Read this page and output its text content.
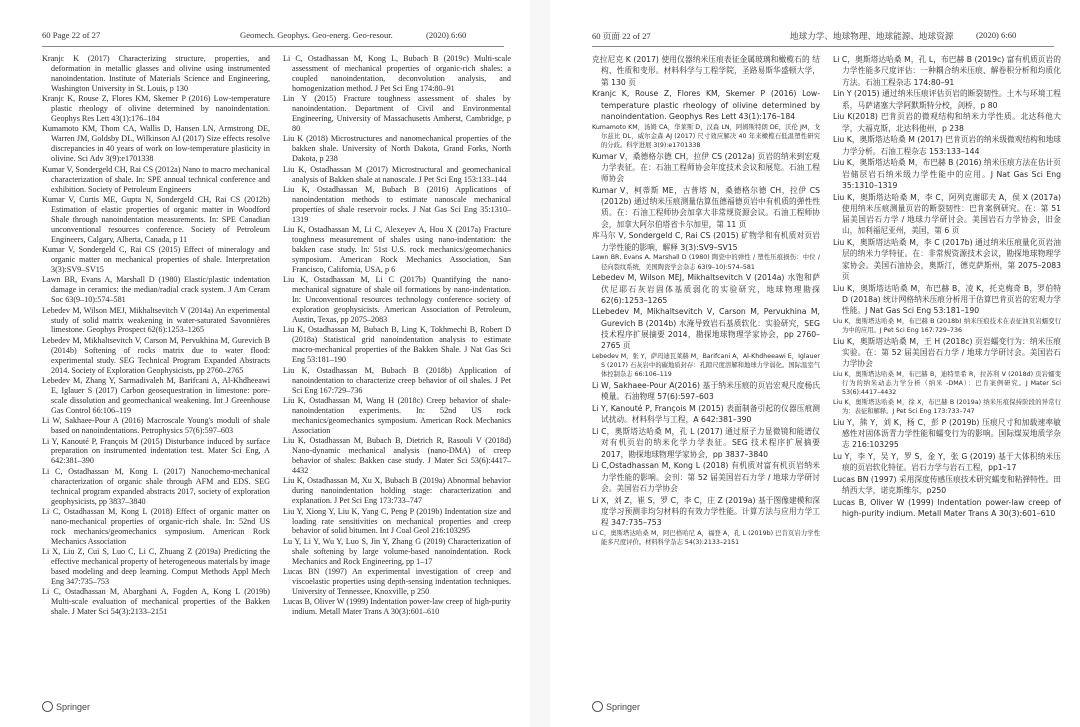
60 Page 22 of 27	Geomech. Geophys. Geo-energ. Geo-resour.	(2020) 6:60

Kranjc K (2017) Characterizing structure, properties, and deformation in metallic glasses and olivine using instrumented nanoindentation. Institute of Materials Science and Engineering, Washington University in St. Louis, p 130

Kranjc K, Rouse Z, Flores KM, Skemer P (2016) Low-temperature plastic rheology of olivine determined by nanoindentation. Geophys Res Lett 43(1):176–184

Kumamoto KM, Thom CA, Wallis D, Hansen LN, Armstrong DE, Warren JM, Goldsby DL, Wilkinson AJ (2017) Size effects resolve discrepancies in 40 years of work on low-temperature plasticity in olivine. Sci Adv 3(9):e1701338

Kumar V, Sondergeld CH, Rai CS (2012a) Nano to macro mechanical characterization of shale. In: SPE annual technical conference and exhibition. Society of Petroleum Engineers

Kumar V, Curtis ME, Gupta N, Sondergeld CH, Rai CS (2012b) Estimation of elastic properties of organic matter in Woodford Shale through nanoindentation measurements. In: SPE Canadian unconventional resources conference. Society of Petroleum Engineers, Calgary, Alberta, Canada, p 11

Kumar V, Sondergeld C, Rai CS (2015) Effect of mineralogy and organic matter on mechanical properties of shale. Interpretation 3(3):SV9–SV15

Lawn BR, Evans A, Marshall D (1980) Elastic/plastic indentation damage in ceramics: the median/radial crack system. J Am Ceram Soc 63(9–10):574–581

Lebedev M, Wilson MEJ, Mikhaltsevitch V (2014a) An experimental study of solid matrix weakening in water-saturated Savonnières limestone. Geophys Prospect 62(6):1253–1265

Lebedev M, Mikhaltsevitch V, Carson M, Pervukhina M, Gurevich B (2014b) Softening of rocks matrix due to water flood: experimental study. SEG Technical Program Expanded Abstracts 2014. Society of Exploration Geophysicists, pp 2760–2765

Lebedev M, Zhang Y, Sarmadivaleh M, Barifcani A, Al-Khdheeawi E, Iglauer S (2017) Carbon geosequestration in limestone: pore-scale dissolution and geomechanical weakening. Int J Greenhouse Gas Control 66:106–119

Li W, Sakhaee-Pour A (2016) Macroscale Young's moduli of shale based on nanoindentations. Petrophysics 57(6):597–603

Li Y, Kanouté P, François M (2015) Disturbance induced by surface preparation on instrumented indentation test. Mater Sci Eng, A 642:381–390

Li C, Ostadhassan M, Kong L (2017) Nanochemo-mechanical characterization of organic shale through AFM and EDS. SEG technical program expanded abstracts 2017, society of exploration geophysicists, pp 3837–3840

Li C, Ostadhassan M, Kong L (2018) Effect of organic matter on nano-mechanical properties of organic-rich shale. In: 52nd US rock mechanics/geomechanics symposium. American Rock Mechanics Association

Li X, Liu Z, Cui S, Luo C, Li C, Zhuang Z (2019a) Predicting the effective mechanical property of heterogeneous materials by image based modeling and deep learning. Comput Methods Appl Mech Eng 347:735–753

Li C, Ostadhassan M, Abarghani A, Fogden A, Kong L (2019b) Multi-scale evaluation of mechanical properties of the Bakken shale. J Mater Sci 54(3):2133–2151

Li C, Ostadhassan M, Kong L, Bubach B (2019c) Multi-scale assessment of mechanical properties of organic-rich shales: a coupled nanoindentation, deconvolution analysis, and homogenization method. J Pet Sci Eng 174:80–91

Lin Y (2015) Fracture toughness assessment of shales by nanoindentation. Department of Civil and Environmental Engineering, University of Massachusetts Amherst, Cambridge, p 80

Liu K (2018) Microstructures and nanomechanical properties of the bakken shale. University of North Dakota, Grand Forks, North Dakota, p 238

Liu K, Ostadhassan M (2017) Microstructural and geomechanical analysis of Bakken shale at nanoscale. J Pet Sci Eng 153:133–144

Liu K, Ostadhassan M, Bubach B (2016) Applications of nanoindentation methods to estimate nanoscale mechanical properties of shale reservoir rocks. J Nat Gas Sci Eng 35:1310–1319

Liu K, Ostadhassan M, Li C, Alexeyev A, Hou X (2017a) Fracture toughness measurement of shales using nano-indentation: the bakken case study. In: 51st U.S. rock mechanics/geomechanics symposium. American Rock Mechanics Association, San Francisco, California, USA, p 6

Liu K, Ostadhassan M, Li C (2017b) Quantifying the nano-mechanical signature of shale oil formations by nano-indentation. In: Unconventional resources technology conference society of exploration geophysicists. American Association of Petroleum, Austin, Texas, pp 2075–2083

Liu K, Ostadhassan M, Bubach B, Ling K, Tokhmechi B, Robert D (2018a) Statistical grid nanoindentation analysis to estimate macro-mechanical properties of the Bakken Shale. J Nat Gas Sci Eng 53:181–190

Liu K, Ostadhassan M, Bubach B (2018b) Application of nanoindentation to characterize creep behavior of oil shales. J Pet Sci Eng 167:729–736

Liu K, Ostadhassan M, Wang H (2018c) Creep behavior of shale-nanoindentation experiments. In: 52nd US rock mechanics/geomechanics symposium. American Rock Mechanics Association

Liu K, Ostadhassan M, Bubach B, Dietrich R, Rasouli V (2018d) Nano-dynamic mechanical analysis (nano-DMA) of creep behavior of shales: Bakken case study. J Mater Sci 53(6):4417–4432

Liu K, Ostadhassan M, Xu X, Bubach B (2019a) Abnormal behavior during nanoindentation holding stage: characterization and explanation. J Pet Sci Eng 173:733–747

Liu Y, Xiong Y, Liu K, Yang C, Peng P (2019b) Indentation size and loading rate sensitivities on mechanical properties and creep behavior of solid bitumen. Int J Coal Geol 216:103295

Lu Y, Li Y, Wu Y, Luo S, Jin Y, Zhang G (2019) Characterization of shale softening by large volume-based nanoindentation. Rock Mechanics and Rock Engineering, pp 1–17

Lucas BN (1997) An experimental investigation of creep and viscoelastic properties using depth-sensing indentation techniques. University of Tennessee, Knoxville, p 250

Lucas B, Oliver W (1999) Indentation power-law creep of high-purity indium. Metall Mater Trans A 30(3):601–610

Springer
60 页面 22 of 27	地球力学、地球物理、地球能源、地球资源	(2020) 6:60

克拉尼克 K (2017) 使用仪器纳米压痕表征金属玻璃和橄榄石的 结构、性质和变形。材料科学与工程学院，圣路易斯华盛顿大学，第 130 页

Kranjc K, Rouse Z, Flores KM, Skemer P (2016) Low-temperature plastic rheology of olivine determined by nanoindentation. Geophys Res Lett 43(1):176–184

Kumamoto KM，汤姆 CA，华莱斯 D，汉森 LN，阿姆斯特朗 DE，沃伦 JM，戈尔兹比 DL，威尔金森 AJ (2017) 尺寸效应解决 40 年来橄榄石低温塑性研究的分歧。科学进展 3(9):e1701338

Kumar V，桑德格尔德 CH，拉伊 CS (2012a) 页岩的纳米到宏观力学表征。在：石油工程师协会年度技术会议和展览。石油工程师协会

Kumar V，柯蒂斯 ME，古普塔 N，桑德格尔德 CH，拉伊 CS (2012b) 通过纳米压痕测量估算伍德福德页岩中有机质的弹性性质。在：石油工程师协会加拿大非常规资源会议。石油工程师协会，加拿大阿尔伯塔省卡尔加里，第 11 页

库马尔 V, Sondergeld C, Rai CS (2015) 矿物学和有机质对页岩力学性能的影响，解释 3(3):SV9–SV15

Lawn BR, Evans A, Marshall D (1980) 陶瓷中的弹性 / 塑性压痕损伤：中位 / 径向裂纹系统，美国陶瓷学会杂志 63(9–10):574–581

Lebedev M, Wilson MEJ, Mikhaltsevitch V (2014a) 水饱和萨伏尼耶石灰岩固体基质弱化的实验研究，地球物理勘探 62(6):1253–1265

LLebedev M, Mikhaltsevitch V, Carson M, Pervukhina M, Gurevich B (2014b) 水淹导致岩石基质软化：实验研究，SEG 技术程序扩展摘要 2014，勘探地球物理学家协会，pp 2760–2765 页

Lebedev M，张 Y，萨玛迪瓦莱赫 M，Barifcani A，Al-Khdheeawi E，Iglauer S (2017) 石灰岩中的碳地质封存：孔隙尺度溶解和地球力学弱化。国际温室气体控制杂志 66:106–119

Li W, Sakhaee-Pour A(2016) 基于纳米压痕的页岩宏观尺度杨氏模量。石油物理 57(6):597–603

Li Y, Kanouté P, François M (2015) 表面制备引起的仪器压痕测试扰动。材料科学与工程，A 642:381–390

Li C，奥斯塔达哈桑 M，孔 L (2017) 通过原子力显微镜和能谱仪对有机页岩的纳米化学力学表征。SEG 技术程序扩展摘要 2017，勘探地球物理学家协会，pp 3837–3840

Li C,Ostadhassan M, Kong L (2018) 有机质对富有机页岩纳米力学性能的影响。会刊：第 52 届美国岩石力学 / 地球力学研讨会。美国岩石力学协会

Li X，刘 Z，崔 S，罗 C，李 C，庄 Z (2019a) 基于图像建模和深度学习预测非均匀材料的有效力学性能。计算方法与应用力学工程 347:735–753

Li C，奥斯塔达哈桑 M，阿巴格哈尼 A，福登 A，孔 L (2019b) 巴肯页岩力学性能多尺度评价。材料科学杂志 54(3):2133–2151

Li C，奥斯塔达哈桑 M，孔 L，布巴赫 B (2019c) 富有机质页岩的力学性能多尺度评估：一种耦合纳米压痕、解卷积分析和均质化方法。石油工程杂志 174:80–91

Lin Y (2015) 通过纳米压痕评估页岩的断裂韧性。土木与环境工程系，马萨诸塞大学阿默斯特分校，剑桥，p 80

Liu K(2018) 巴肯页岩的微观结构和纳米力学性质。北达科他大学，大福克斯，北达科他州，p 238

Liu K，奥斯塔达哈桑 M (2017) 巴肯页岩的纳米级微观结构和地球力学分析。石油工程杂志 153:133–144

Liu K，奥斯塔达哈桑 M，布巴赫 B (2016) 纳米压痕方法在估计页岩储层岩石纳米级力学性能中的应用。J Nat Gas Sci Eng 35:1310–1319

Liu K，奥斯塔达哈桑 M，李 C，阿列克谢耶夫 A，侯 X (2017a) 使用纳米压痕测量页岩的断裂韧性：巴肯案例研究。在：第 51 届美国岩石力学 / 地球力学研讨会。美国岩石力学协会，旧金山，加利福尼亚州，美国，第 6 页

Liu K，奥斯塔达哈桑 M，李 C (2017b) 通过纳米压痕量化页岩油层的纳米力学特征。在：非常规资源技术会议，勘探地球物理学家协会。美国石油协会，奥斯汀，德克萨斯州，第 2075–2083 页

Liu K，奥斯塔达哈桑 M，布巴赫 B，凌 K，托克梅奇 B，罗伯特 D (2018a) 统计网格纳米压痕分析用于估算巴肯页岩的宏观力学性能。J Nat Gas Sci Eng 53:181–190

Liu K，奥斯塔达哈桑 M，布巴赫 B (2018b) 纳米压痕技术在表征油页岩蠕变行为中的应用。J Pet Sci Eng 167:729–736

Liu K，奥斯塔达哈桑 M，王 H (2018c) 页岩蠕变行为：纳米压痕实验。在：第 52 届美国岩石力学 / 地球力学研讨会。美国岩石力学协会

Liu K，奥斯塔达哈桑 M，布巴赫 B，迪特里希 R，拉苏利 V (2018d) 页岩蠕变行为的纳米动态力学分析（纳米 -DMA）：巴肯案例研究。J Mater Sci 53(6):4417–4432

Liu K，奥斯塔达哈桑 M，徐 X，布巴赫 B (2019a) 纳米压痕保持阶段的异常行为：表征和解释。J Pet Sci Eng 173:733–747

Liu Y，熊 Y，刘 K，杨 C，彭 P (2019b) 压痕尺寸和加载速率敏感性对固体沥青力学性能和蠕变行为的影响。国际煤炭地质学杂志 216:103295

Lu Y，李 Y，吴 Y，罗 S，金 Y，张 G (2019) 基于大体积纳米压痕的页岩软化特征。岩石力学与岩石工程，pp1–17

Lucas BN (1997) 采用深度传感压痕技术研究蠕变和粘弹特性。田纳西大学，诺克斯维尔，p250

Lucas B, Oliver W (1999) Indentation power-law creep of high-purity indium. Metall Mater Trans A 30(3):601–610

Springer
